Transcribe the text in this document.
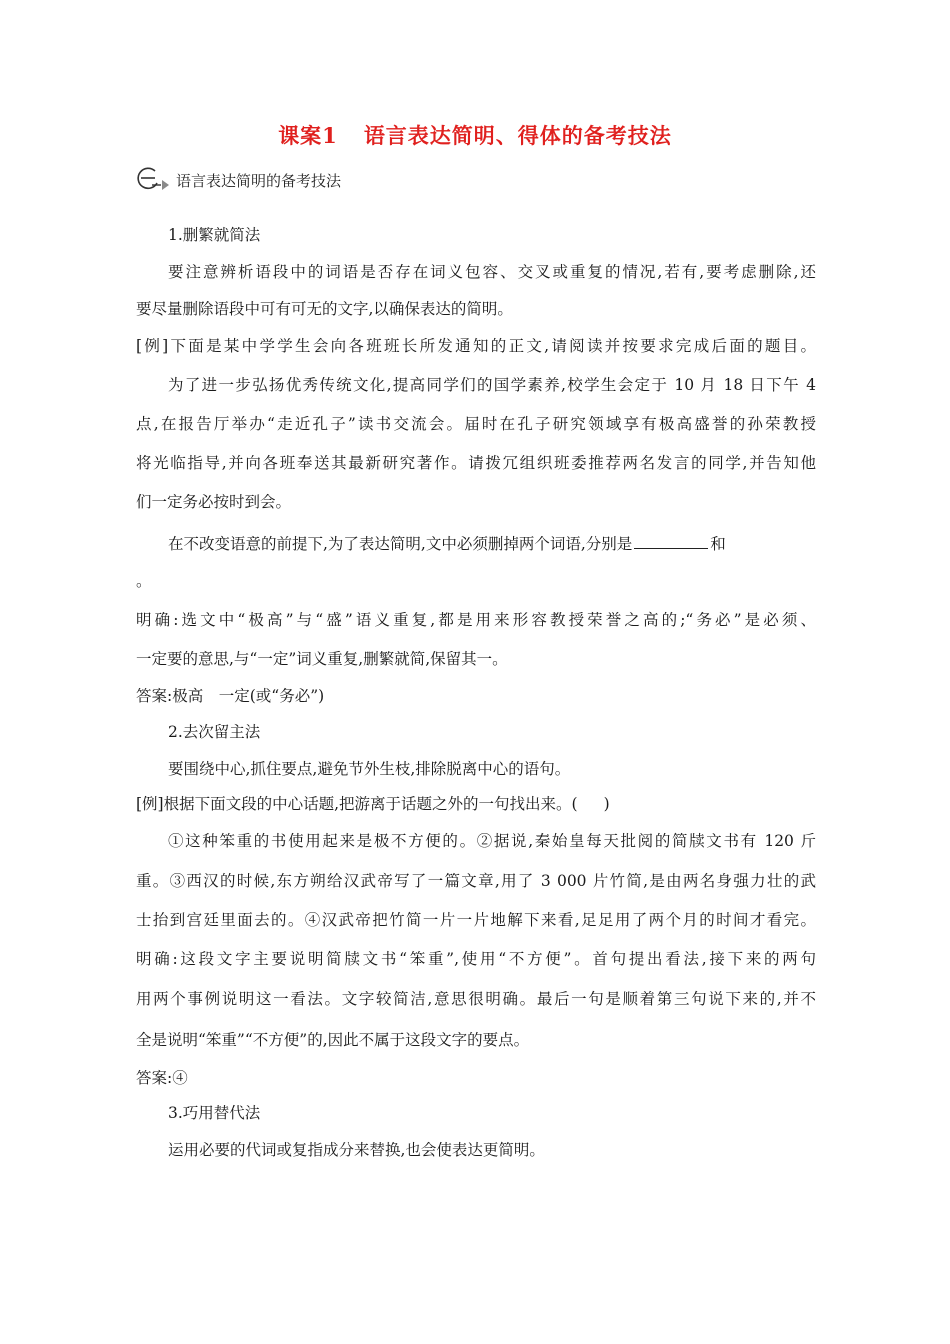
课案1 语言表达简明、得体的备考技法
语言表达简明的备考技法
1.删繁就简法
要注意辨析语段中的词语是否存在词义包容、交叉或重复的情况,若有,要考虑删除,还
要尽量删除语段中可有可无的文字,以确保表达的简明。
[例]下面是某中学学生会向各班班长所发通知的正文,请阅读并按要求完成后面的题目。
为了进一步弘扬优秀传统文化,提高同学们的国学素养,校学生会定于 10 月 18 日下午 4
点,在报告厅举办“走近孔子”读书交流会。届时在孔子研究领域享有极高盛誉的孙荣教授
将光临指导,并向各班奉送其最新研究著作。请拨冗组织班委推荐两名发言的同学,并告知他
们一定务必按时到会。
在不改变语意的前提下,为了表达简明,文中必须删掉两个词语,分别是	和
。
明确:选文中“极高”与“盛”语义重复,都是用来形容教授荣誉之高的;“务必”是必须、
一定要的意思,与“一定”词义重复,删繁就简,保留其一。
答案:极高　一定(或“务必”)
2.去次留主法
要围绕中心,抓住要点,避免节外生枝,排除脱离中心的语句。
[例]根据下面文段的中心话题,把游离于话题之外的一句找出来。( )
①这种笨重的书使用起来是极不方便的。②据说,秦始皇每天批阅的简牍文书有 120 斤
重。③西汉的时候,东方朔给汉武帝写了一篇文章,用了 3 000 片竹简,是由两名身强力壮的武
士抬到宫廷里面去的。④汉武帝把竹简一片一片地解下来看,足足用了两个月的时间才看完。
明确:这段文字主要说明简牍文书“笨重”,使用“不方便”。首句提出看法,接下来的两句
用两个事例说明这一看法。文字较简洁,意思很明确。最后一句是顺着第三句说下来的,并不
全是说明“笨重”“不方便”的,因此不属于这段文字的要点。
答案:④
3.巧用替代法
运用必要的代词或复指成分来替换,也会使表达更简明。
